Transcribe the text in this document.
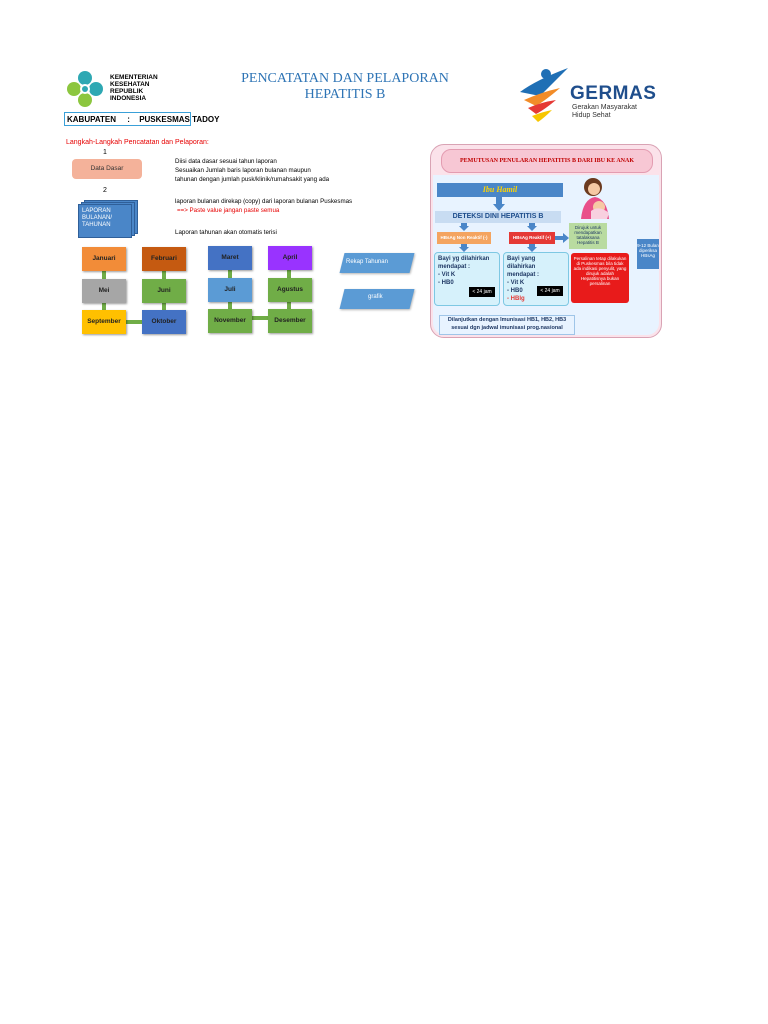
KEMENTERIAN
KESEHATAN
REPUBLIK
INDONESIA
PENCATATAN DAN PELAPORAN
HEPATITIS B	GERMAS
Gerakan Masyarakat
Hidup Sehat
KABUPATEN : PUSKESMAS TADOY
Langkah-Langkah Pencatatan dan Pelaporan:
1
Data Dasar
2
LAPORAN
BULANAN/
TAHUNAN
Diisi data dasar sesuai tahun laporan
Sesuaikan Jumlah baris laporan bulanan maupun
tahunan dengan jumlah pusk/klinik/rumahsakit yang ada
laporan bulanan direkap (copy) dari laporan bulanan Puskesmas
==> Paste value jangan paste semua
Laporan tahunan akan otomatis terisi
Januari	Februari
Mei	Juni
September	Oktober
Maret	April
Juli	Agustus
November	Desember
Rekap Tahunan
grafik
PEMUTUSAN PENULARAN HEPATITIS B DARI IBU KE ANAK
Ibu Hamil
DETEKSI DINI HEPATITIS B
HBsAg Non Reaktif (-)	HBsAg Reaktif (+)
Dirujuk untuk mendapatkan tatalaksana Hepatitis B
Bayi yg dilahirkan
mendapat :
- Vit K
- HB0
< 24 jam
Bayi yang dilahirkan
mendapat :
- Vit K
- HB0
- HBIg
< 24 jam
Persalinan tetap dilakukan di Puskesmas bila tidak ada indikasi penyulit, yang dirujuk adalah Hepatitisnya bukan persalinan
9-12 Bulan diperiksa HBsAg
Dilanjutkan dengan Imunisasi HB1, HB2, HB3
sesuai dgn jadwal imunisasi prog.nasional
